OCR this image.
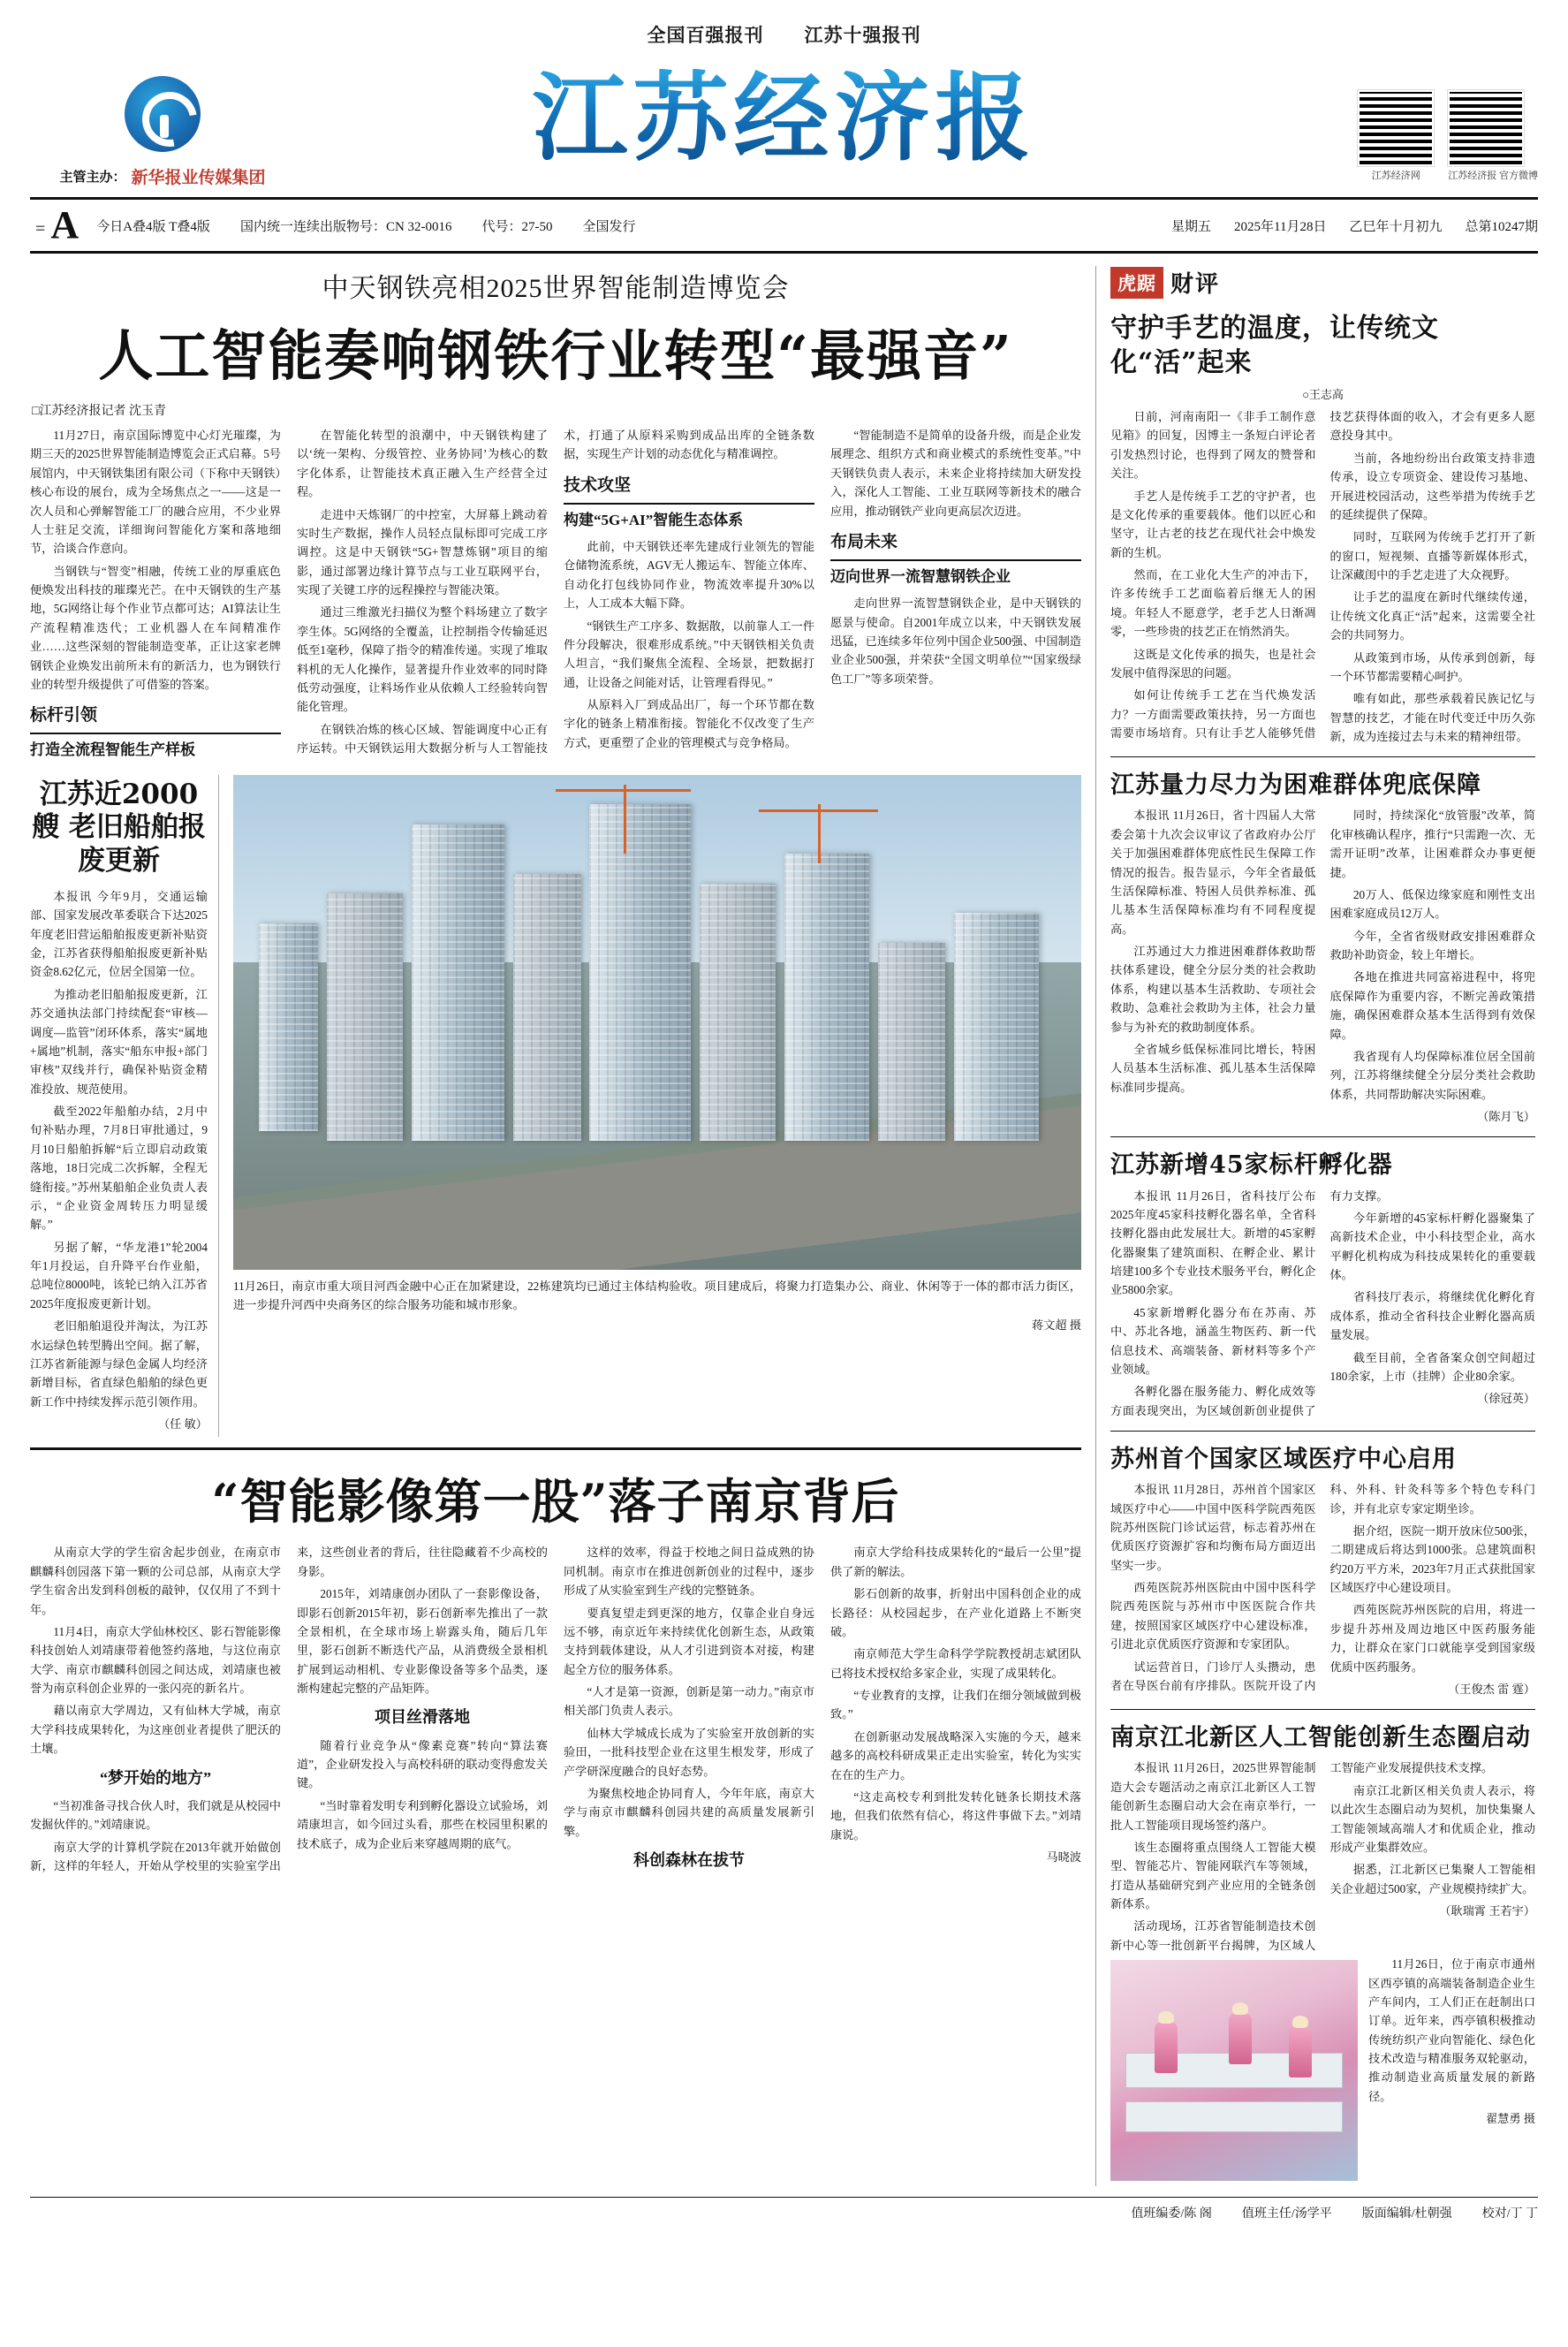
全国百强报刊 江苏十强报刊
主管主办： 新华报业传媒集团
江苏经济报
江苏经济网	江苏经济报 官方微博
= A	今日A叠4版 T叠4版 国内统一连续出版物号：CN 32-0016 代号：27-50 全国发行	星期五 2025年11月28日 乙巳年十月初九 总第10247期
中天钢铁亮相2025世界智能制造博览会
人工智能奏响钢铁行业转型“最强音”
□江苏经济报记者 沈玉青

11月27日，南京国际博览中心灯光璀璨，为期三天的2025世界智能制造博览会正式启幕。5号展馆内，中天钢铁集团有限公司（下称中天钢铁）核心布设的展台，成为全场焦点之一——这是一次人员和心弹解智能工厂的融合应用，不少业界人士驻足交流，详细询问智能化方案和落地细节，洽谈合作意向。

当钢铁与“智变”相融，传统工业的厚重底色便焕发出科技的璀璨光芒。在中天钢铁的生产基地，5G网络让每个作业节点都可达；AI算法让生产流程精准迭代；工业机器人在车间精准作业……这些深刻的智能制造变革，正让这家老牌钢铁企业焕发出前所未有的新活力，也为钢铁行业的转型升级提供了可借鉴的答案。

标杆引领
打造全流程智能生产样板

在智能化转型的浪潮中，中天钢铁构建了以‘统一架构、分级管控、业务协同’为核心的数字化体系，让智能技术真正融入生产经营全过程。

走进中天炼钢厂的中控室，大屏幕上跳动着实时生产数据，操作人员轻点鼠标即可完成工序调控。这是中天钢铁“5G+智慧炼钢”项目的缩影，通过部署边缘计算节点与工业互联网平台，实现了关键工序的远程操控与智能决策。

通过三维激光扫描仪为整个料场建立了数字孪生体。5G网络的全覆盖，让控制指令传输延迟低至1毫秒，保障了指令的精准传递。实现了堆取料机的无人化操作，显著提升作业效率的同时降低劳动强度，让料场作业从依赖人工经验转向智能化管理。

在钢铁冶炼的核心区域、智能调度中心正有序运转。中天钢铁运用大数据分析与人工智能技术，打通了从原料采购到成品出库的全链条数据，实现生产计划的动态优化与精准调控。

技术攻坚
构建“5G+AI”智能生态体系

此前，中天钢铁还率先建成行业领先的智能仓储物流系统，AGV无人搬运车、智能立体库、自动化打包线协同作业，物流效率提升30%以上，人工成本大幅下降。

“钢铁生产工序多、数据散，以前靠人工一件件分段解决，很难形成系统。”中天钢铁相关负责人坦言，“我们聚焦全流程、全场景，把数据打通，让设备之间能对话，让管理看得见。”

从原料入厂到成品出厂，每一个环节都在数字化的链条上精准衔接。智能化不仅改变了生产方式，更重塑了企业的管理模式与竞争格局。

“智能制造不是简单的设备升级，而是企业发展理念、组织方式和商业模式的系统性变革。”中天钢铁负责人表示，未来企业将持续加大研发投入，深化人工智能、工业互联网等新技术的融合应用，推动钢铁产业向更高层次迈进。

布局未来
迈向世界一流智慧钢铁企业

走向世界一流智慧钢铁企业，是中天钢铁的愿景与使命。自2001年成立以来，中天钢铁发展迅猛，已连续多年位列中国企业500强、中国制造业企业500强，并荣获“全国文明单位”“国家级绿色工厂”等多项荣誉。

江苏近2000艘 老旧船舶报废更新

本报讯 今年9月，交通运输部、国家发展改革委联合下达2025年度老旧营运船舶报废更新补贴资金，江苏省获得船舶报废更新补贴资金8.62亿元，位居全国第一位。

为推动老旧船舶报废更新，江苏交通执法部门持续配套“审核—调度—监管”闭环体系，落实“属地+属地”机制，落实“船东申报+部门审核”双线并行，确保补贴资金精准投放、规范使用。

截至2022年船舶办结，2月中旬补贴办理，7月8日审批通过，9月10日船舶拆解“后立即启动政策落地，18日完成二次拆解，全程无缝衔接。”苏州某船舶企业负责人表示，“企业资金周转压力明显缓解。”

另据了解，“华龙港1”轮2004年1月投运，自升降平台作业船，总吨位8000吨，该轮已纳入江苏省2025年度报废更新计划。

老旧船舶退役并淘汰，为江苏水运绿色转型腾出空间。据了解，江苏省新能源与绿色金属人均经济新增目标，省直绿色船舶的绿色更新工作中持续发挥示范引领作用。

（任 敏）

11月26日，南京市重大项目河西金融中心正在加紧建设，22栋建筑均已通过主体结构验收。项目建成后，将聚力打造集办公、商业、休闲等于一体的都市活力街区，进一步提升河西中央商务区的综合服务功能和城市形象。
蒋文超 摄
“智能影像第一股”落子南京背后

从南京大学的学生宿舍起步创业，在南京市麒麟科创园落下第一颗的公司总部，从南京大学学生宿舍出发到科创板的敲钟，仅仅用了不到十年。

11月4日，南京大学仙林校区、影石智能影像科技创始人刘靖康带着他签约落地，与这位南京大学、南京市麒麟科创园之间达成，刘靖康也被誉为南京科创企业界的一张闪亮的新名片。

藉以南京大学周边，又有仙林大学城，南京大学科技成果转化，为这座创业者提供了肥沃的土壤。

“梦开始的地方”

“当初准备寻找合伙人时，我们就是从校园中发掘伙伴的。”刘靖康说。

南京大学的计算机学院在2013年就开始做创新，这样的年轻人，开始从学校里的实验室学出来，这些创业者的背后，往往隐藏着不少高校的身影。

2015年，刘靖康创办团队了一套影像设备，即影石创新2015年初，影石创新率先推出了一款全景相机，在全球市场上崭露头角，随后几年里，影石创新不断迭代产品，从消费级全景相机扩展到运动相机、专业影像设备等多个品类，逐渐构建起完整的产品矩阵。

项目丝滑落地

随着行业竞争从“像素竞赛”转向“算法赛道”，企业研发投入与高校科研的联动变得愈发关键。

“当时靠着发明专利到孵化器设立试验场，刘靖康坦言，如今回过头看，那些在校园里积累的技术底子，成为企业后来穿越周期的底气。

这样的效率，得益于校地之间日益成熟的协同机制。南京市在推进创新创业的过程中，逐步形成了从实验室到生产线的完整链条。

要真复望走到更深的地方，仅靠企业自身远远不够，南京近年来持续优化创新生态，从政策支持到载体建设，从人才引进到资本对接，构建起全方位的服务体系。

“人才是第一资源，创新是第一动力。”南京市相关部门负责人表示。

仙林大学城成长成为了实验室开放创新的实验田，一批科技型企业在这里生根发芽，形成了产学研深度融合的良好态势。

为聚焦校地企协同育人，今年年底，南京大学与南京市麒麟科创园共建的高质量发展新引擎。

科创森林在拔节

南京大学给科技成果转化的“最后一公里”提供了新的解法。

影石创新的故事，折射出中国科创企业的成长路径：从校园起步，在产业化道路上不断突破。

南京师范大学生命科学学院教授胡志斌团队已将技术授权给多家企业，实现了成果转化。

“专业教育的支撑，让我们在细分领域做到极致。”

在创新驱动发展战略深入实施的今天，越来越多的高校科研成果正走出实验室，转化为实实在在的生产力。

“这走高校专利到批发转化链条长期技术落地，但我们依然有信心，将这件事做下去。”刘靖康说。

马晓波

虎踞 财评
守护手艺的温度，让传统文化“活”起来
○王志高

日前，河南南阳一《非手工制作意见箱》的回复，因博主一条短白评论者引发热烈讨论，也得到了网友的赞誉和关注。

手艺人是传统手工艺的守护者，也是文化传承的重要载体。他们以匠心和坚守，让古老的技艺在现代社会中焕发新的生机。

然而，在工业化大生产的冲击下，许多传统手工艺面临着后继无人的困境。年轻人不愿意学，老手艺人日渐凋零，一些珍贵的技艺正在悄然消失。

这既是文化传承的损失，也是社会发展中值得深思的问题。

如何让传统手工艺在当代焕发活力？一方面需要政策扶持，另一方面也需要市场培育。只有让手艺人能够凭借技艺获得体面的收入，才会有更多人愿意投身其中。

当前，各地纷纷出台政策支持非遗传承，设立专项资金、建设传习基地、开展进校园活动，这些举措为传统手艺的延续提供了保障。

同时，互联网为传统手艺打开了新的窗口，短视频、直播等新媒体形式，让深藏闺中的手艺走进了大众视野。

让手艺的温度在新时代继续传递，让传统文化真正“活”起来，这需要全社会的共同努力。

从政策到市场，从传承到创新，每一个环节都需要精心呵护。

唯有如此，那些承载着民族记忆与智慧的技艺，才能在时代变迁中历久弥新，成为连接过去与未来的精神纽带。

江苏量力尽力为困难群体兜底保障

本报讯 11月26日，省十四届人大常委会第十九次会议审议了省政府办公厅关于加强困难群体兜底性民生保障工作情况的报告。报告显示，今年全省最低生活保障标准、特困人员供养标准、孤儿基本生活保障标准均有不同程度提高。

江苏通过大力推进困难群体救助帮扶体系建设，健全分层分类的社会救助体系，构建以基本生活救助、专项社会救助、急难社会救助为主体，社会力量参与为补充的救助制度体系。

全省城乡低保标准同比增长，特困人员基本生活标准、孤儿基本生活保障标准同步提高。

同时，持续深化“放管服”改革，简化审核确认程序，推行“只需跑一次、无需开证明”改革，让困难群众办事更便捷。

20万人、低保边缘家庭和刚性支出困难家庭成员12万人。

今年，全省省级财政安排困难群众救助补助资金，较上年增长。

各地在推进共同富裕进程中，将兜底保障作为重要内容，不断完善政策措施，确保困难群众基本生活得到有效保障。

我省现有人均保障标准位居全国前列，江苏将继续健全分层分类社会救助体系，共同帮助解决实际困难。

（陈月飞）

江苏新增45家标杆孵化器

本报讯 11月26日，省科技厅公布2025年度45家科技孵化器名单，全省科技孵化器由此发展壮大。新增的45家孵化器聚集了建筑面积、在孵企业、累计培建100多个专业技术服务平台，孵化企业5800余家。

45家新增孵化器分布在苏南、苏中、苏北各地，涵盖生物医药、新一代信息技术、高端装备、新材料等多个产业领域。

各孵化器在服务能力、孵化成效等方面表现突出，为区域创新创业提供了有力支撑。

今年新增的45家标杆孵化器聚集了高新技术企业，中小科技型企业，高水平孵化机构成为科技成果转化的重要载体。

省科技厅表示，将继续优化孵化育成体系，推动全省科技企业孵化器高质量发展。

截至目前，全省备案众创空间超过180余家，上市（挂牌）企业80余家。

（徐冠英）

苏州首个国家区域医疗中心启用

本报讯 11月28日，苏州首个国家区域医疗中心——中国中医科学院西苑医院苏州医院门诊试运营，标志着苏州在优质医疗资源扩容和均衡布局方面迈出坚实一步。

西苑医院苏州医院由中国中医科学院西苑医院与苏州市中医医院合作共建，按照国家区域医疗中心建设标准，引进北京优质医疗资源和专家团队。

试运营首日，门诊厅人头攒动，患者在导医台前有序排队。医院开设了内科、外科、针灸科等多个特色专科门诊，并有北京专家定期坐诊。

据介绍，医院一期开放床位500张，二期建成后将达到1000张。总建筑面积约20万平方米，2023年7月正式获批国家区域医疗中心建设项目。

西苑医院苏州医院的启用，将进一步提升苏州及周边地区中医药服务能力，让群众在家门口就能享受到国家级优质中医药服务。

（王俊杰 雷 霆）

南京江北新区人工智能创新生态圈启动

本报讯 11月26日，2025世界智能制造大会专题活动之南京江北新区人工智能创新生态圈启动大会在南京举行，一批人工智能项目现场签约落户。

该生态圈将重点围绕人工智能大模型、智能芯片、智能网联汽车等领域，打造从基础研究到产业应用的全链条创新体系。

活动现场，江苏省智能制造技术创新中心等一批创新平台揭牌，为区域人工智能产业发展提供技术支撑。

南京江北新区相关负责人表示，将以此次生态圈启动为契机，加快集聚人工智能领域高端人才和优质企业，推动形成产业集群效应。

据悉，江北新区已集聚人工智能相关企业超过500家，产业规模持续扩大。

（耿瑞霄 王若宇）

11月26日，位于南京市通州区西亭镇的高端装备制造企业生产车间内，工人们正在赶制出口订单。近年来，西亭镇积极推动传统纺织产业向智能化、绿色化技术改造与精准服务双轮驱动，推动制造业高质量发展的新路径。

翟慧勇 摄

值班编委/陈 阁 值班主任/汤学平 版面编辑/杜朝强 校对/丁 丁
